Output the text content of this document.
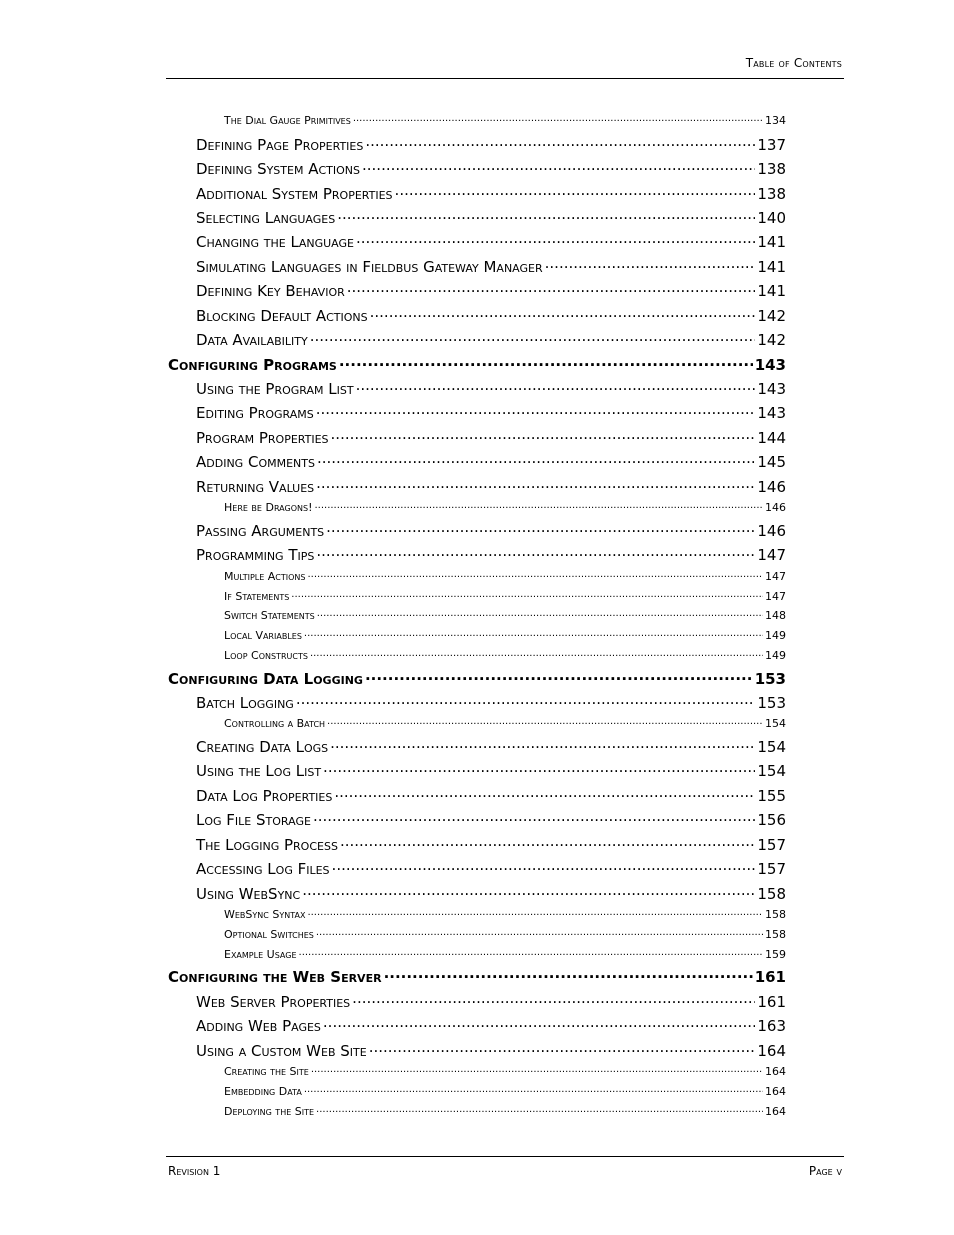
Table of Contents
The Dial Gauge Primitives .....	134
Defining Page Properties .....	137
Defining System Actions .....	138
Additional System Properties .....	138
Selecting Languages .....	140
Changing the Language .....	141
Simulating Languages in Fieldbus Gateway Manager .....	141
Defining Key Behavior .....	141
Blocking Default Actions .....	142
Data Availability .....	142
Configuring Programs .....	143
Using the Program List .....	143
Editing Programs .....	143
Program Properties .....	144
Adding Comments .....	145
Returning Values .....	146
Here be Dragons! .....	146
Passing Arguments .....	146
Programming Tips .....	147
Multiple Actions .....	147
If Statements .....	147
Switch Statements .....	148
Local Variables .....	149
Loop Constructs .....	149
Configuring Data Logging .....	153
Batch Logging .....	153
Controlling a Batch .....	154
Creating Data Logs .....	154
Using the Log List .....	154
Data Log Properties .....	155
Log File Storage .....	156
The Logging Process .....	157
Accessing Log Files .....	157
Using WebSync .....	158
WebSync Syntax .....	158
Optional Switches .....	158
Example Usage .....	159
Configuring the Web Server .....	161
Web Server Properties .....	161
Adding Web Pages .....	163
Using a Custom Web Site .....	164
Creating the Site .....	164
Embedding Data .....	164
Deploying the Site .....	164
Revision 1	Page v
